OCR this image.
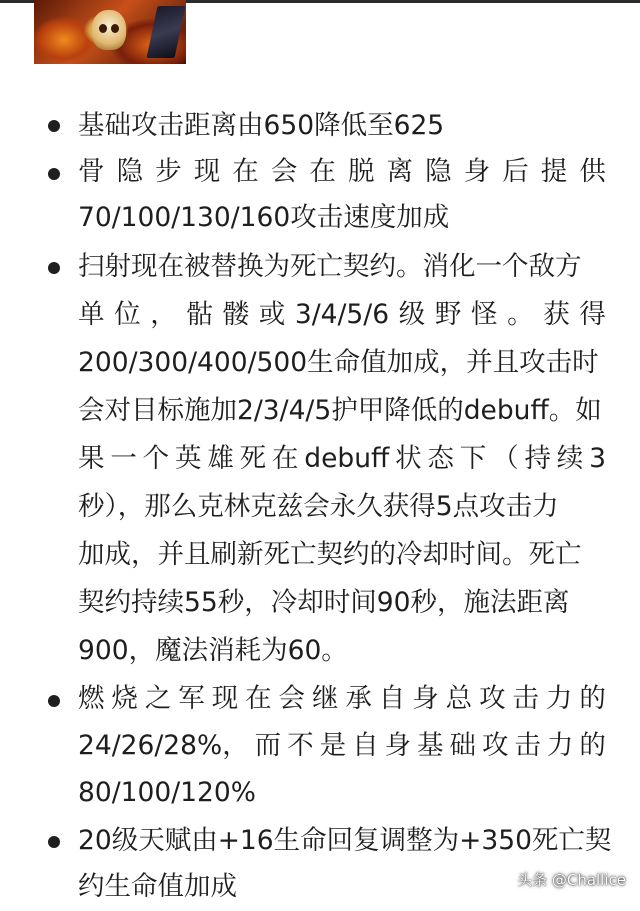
基础攻击距离由650降低至625
骨 隐 步 现 在 会 在 脱 离 隐 身 后 提 供
70/100/130/160攻击速度加成
扫射现在被替换为死亡契约。消化一个敌方
单 位 ， 骷 髅 或 3/4/5/6 级 野 怪 。 获 得
200/300/400/500生命值加成，并且攻击时
会对目标施加2/3/4/5护甲降低的debuff。如
果 一 个 英 雄 死 在 debuff 状 态 下 （ 持 续 3
秒），那么克林克兹会永久获得5点攻击力
加成，并且刷新死亡契约的冷却时间。死亡
契约持续55秒，冷却时间90秒，施法距离
900，魔法消耗为60。
燃 烧 之 军 现 在 会 继 承 自 身 总 攻 击 力 的
24/26/28%， 而 不 是 自 身 基 础 攻 击 力 的
80/100/120%
20级天赋由+16生命回复调整为+350死亡契
约生命值加成	头条 @Challice
